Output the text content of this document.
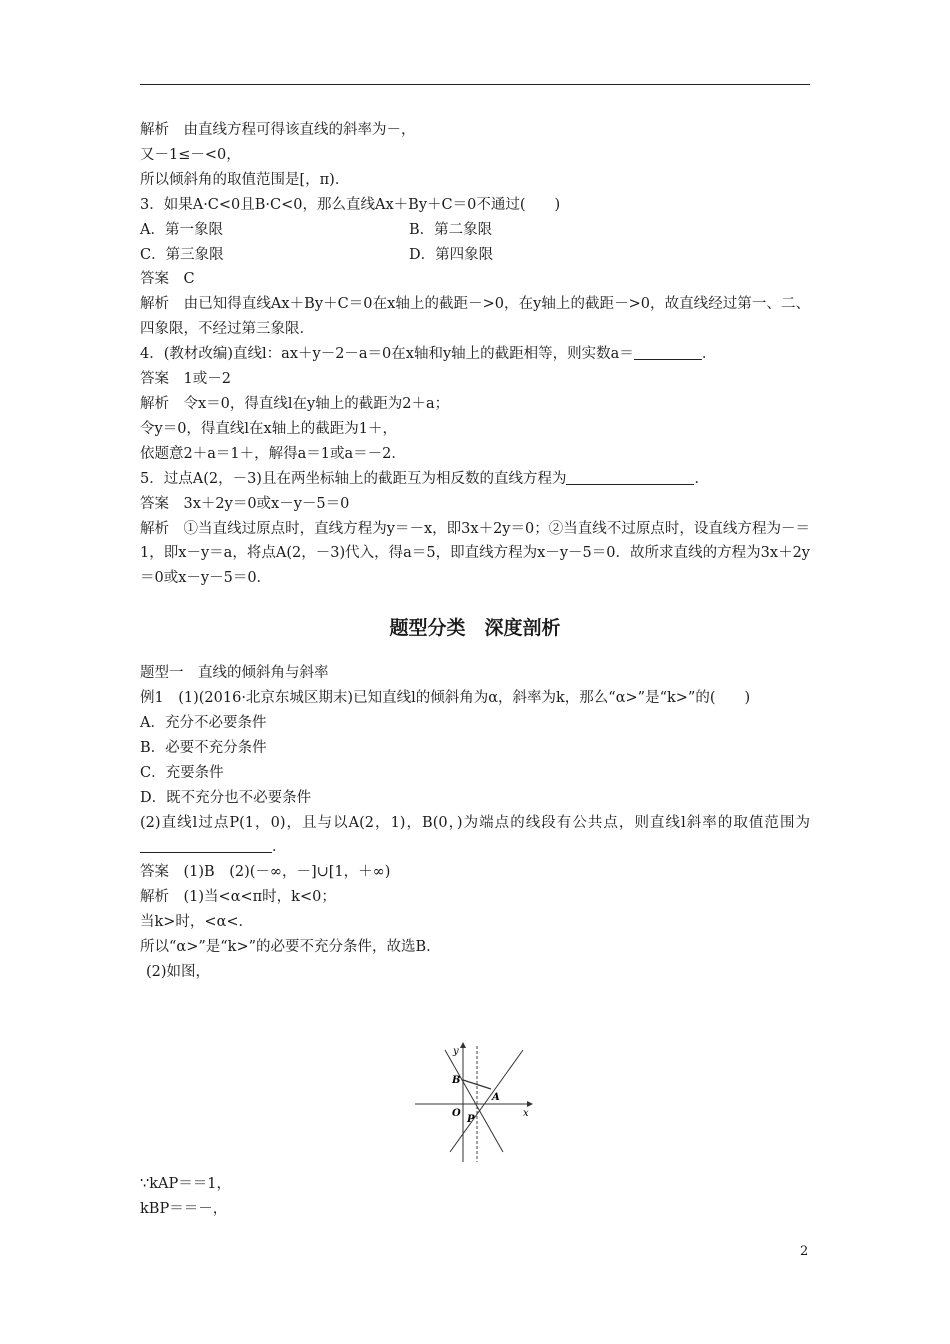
解析　由直线方程可得该直线的斜率为－，
又－1≤－<0，
所以倾斜角的取值范围是[，π)．
3．如果A·C<0且B·C<0，那么直线Ax＋By＋C＝0不通过(　　)
A．第一象限	B．第二象限
C．第三象限	D．第四象限
答案　C
解析　由已知得直线Ax＋By＋C＝0在x轴上的截距－>0，在y轴上的截距－>0，故直线经过第一、二、四象限，不经过第三象限．
4．(教材改编)直线l：ax＋y－2－a＝0在x轴和y轴上的截距相等，则实数a＝	．
答案　1或－2
解析　令x＝0，得直线l在y轴上的截距为2＋a；
令y＝0，得直线l在x轴上的截距为1＋，
依题意2＋a＝1＋，解得a＝1或a＝－2．
5．过点A(2，－3)且在两坐标轴上的截距互为相反数的直线方程为	．
答案　3x＋2y＝0或x－y－5＝0
解析　①当直线过原点时，直线方程为y＝－x，即3x＋2y＝0；②当直线不过原点时，设直线方程为－＝1，即x－y＝a，将点A(2，－3)代入，得a＝5，即直线方程为x－y－5＝0．故所求直线的方程为3x＋2y＝0或x－y－5＝0．
题型分类　深度剖析
题型一　直线的倾斜角与斜率
例1　(1)(2016·北京东城区期末)已知直线l的倾斜角为α，斜率为k，那么“α>”是“k>”的(　　)
A．充分不必要条件
B．必要不充分条件
C．充要条件
D．既不充分也不必要条件
(2)直线l过点P(1，0)，且与以A(2，1)，B(0，)为端点的线段有公共点，则直线l斜率的取值范围为．
答案　(1)B　(2)(－∞，－]∪[1，＋∞)
解析　(1)当<α<π时，k<0；
当k>时，<α<．
所以“α>”是“k>”的必要不充分条件，故选B．
(2)如图，
y
x
B
A
O
P
∵kAP＝＝1，
kBP＝＝－，
2
